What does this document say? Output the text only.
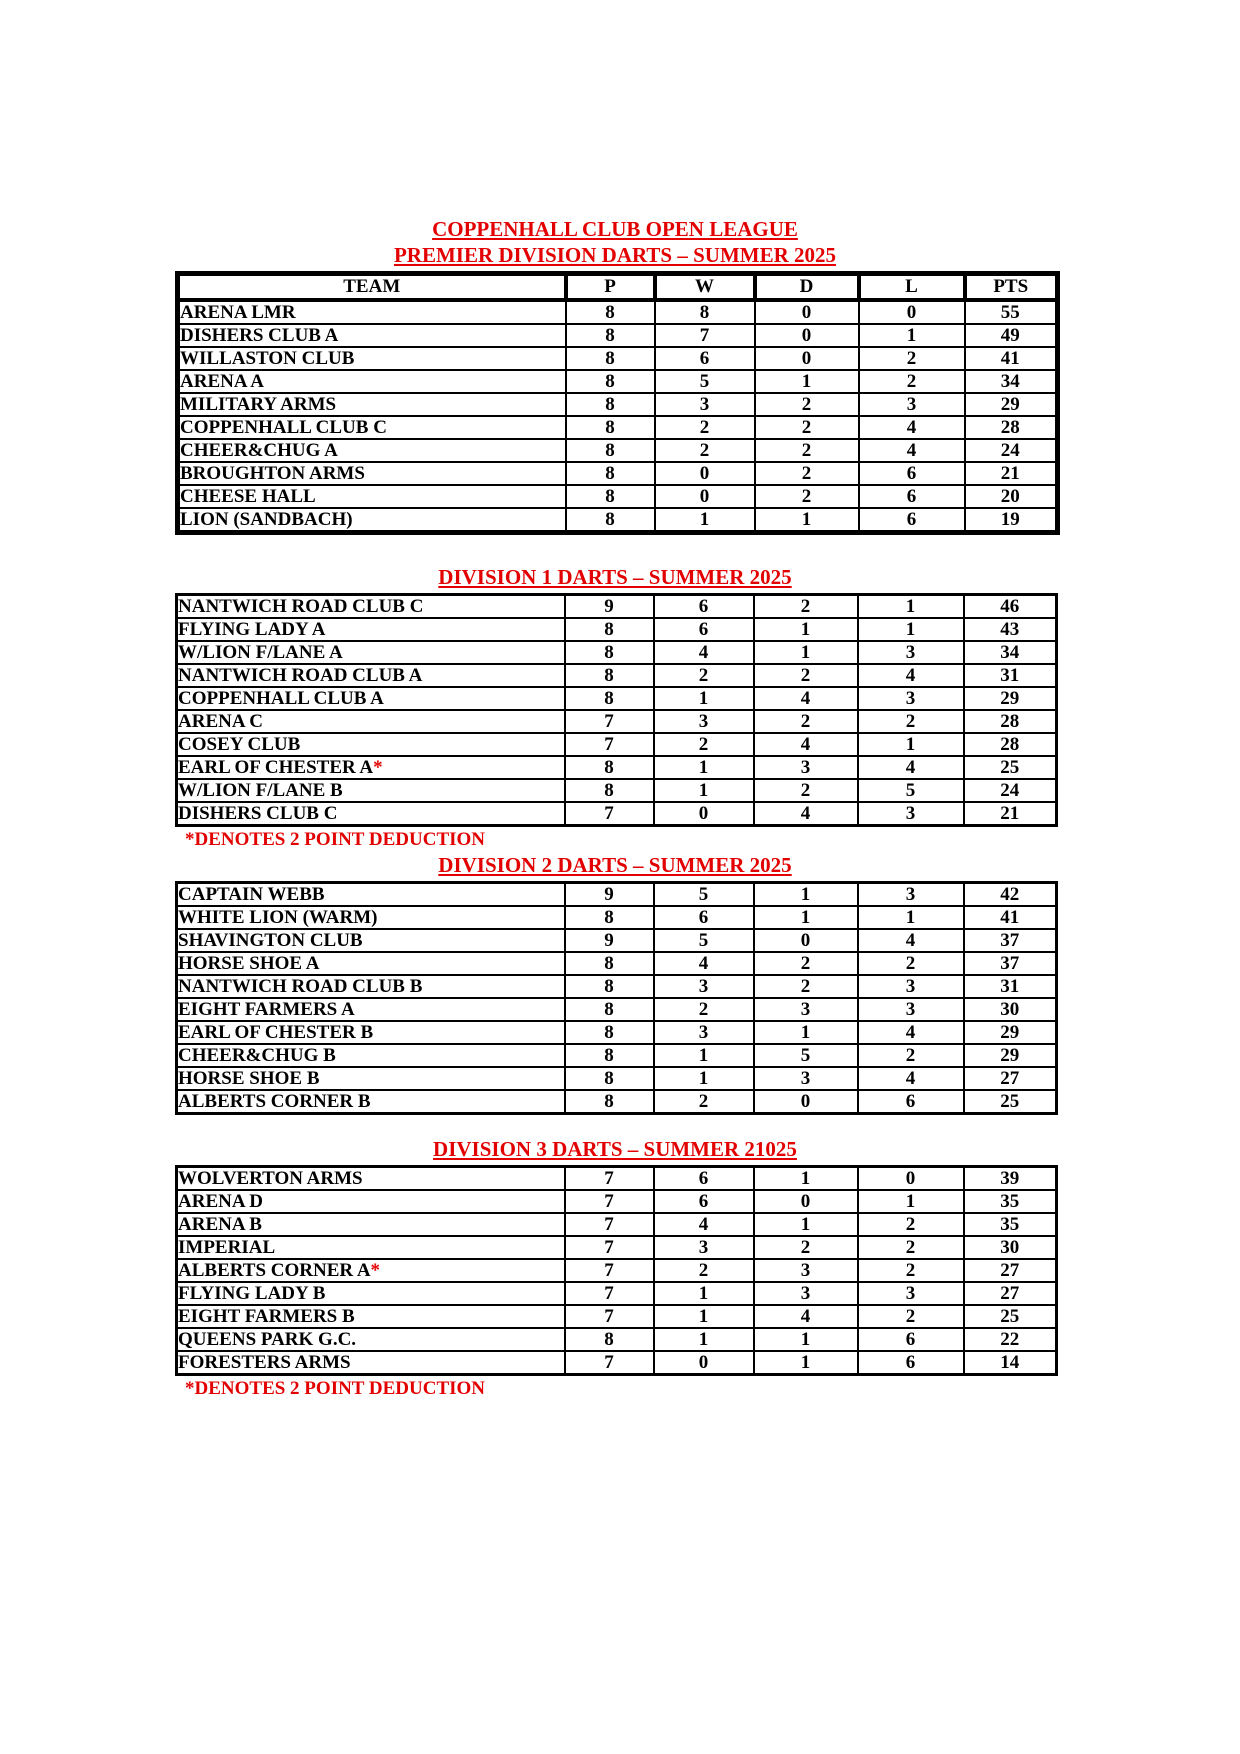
COPPENHALL CLUB OPEN LEAGUE
PREMIER DIVISION DARTS – SUMMER 2025
TEAM	P	W	D	L	PTS
ARENA LMR	8	8	0	0	55
DISHERS CLUB A	8	7	0	1	49
WILLASTON CLUB	8	6	0	2	41
ARENA A	8	5	1	2	34
MILITARY ARMS	8	3	2	3	29
COPPENHALL CLUB C	8	2	2	4	28
CHEER&CHUG A	8	2	2	4	24
BROUGHTON ARMS	8	0	2	6	21
CHEESE HALL	8	0	2	6	20
LION (SANDBACH)	8	1	1	6	19
DIVISION 1 DARTS – SUMMER 2025
NANTWICH ROAD CLUB C	9	6	2	1	46
FLYING LADY A	8	6	1	1	43
W/LION F/LANE A	8	4	1	3	34
NANTWICH ROAD CLUB A	8	2	2	4	31
COPPENHALL CLUB A	8	1	4	3	29
ARENA C	7	3	2	2	28
COSEY CLUB	7	2	4	1	28
EARL OF CHESTER A*	8	1	3	4	25
W/LION F/LANE B	8	1	2	5	24
DISHERS CLUB C	7	0	4	3	21
*DENOTES 2 POINT DEDUCTION
DIVISION 2 DARTS – SUMMER 2025
CAPTAIN WEBB	9	5	1	3	42
WHITE LION (WARM)	8	6	1	1	41
SHAVINGTON CLUB	9	5	0	4	37
HORSE SHOE A	8	4	2	2	37
NANTWICH ROAD CLUB B	8	3	2	3	31
EIGHT FARMERS A	8	2	3	3	30
EARL OF CHESTER B	8	3	1	4	29
CHEER&CHUG B	8	1	5	2	29
HORSE SHOE B	8	1	3	4	27
ALBERTS CORNER B	8	2	0	6	25
DIVISION 3 DARTS – SUMMER 21025
WOLVERTON ARMS	7	6	1	0	39
ARENA D	7	6	0	1	35
ARENA B	7	4	1	2	35
IMPERIAL	7	3	2	2	30
ALBERTS CORNER A*	7	2	3	2	27
FLYING LADY B	7	1	3	3	27
EIGHT FARMERS B	7	1	4	2	25
QUEENS PARK G.C.	8	1	1	6	22
FORESTERS ARMS	7	0	1	6	14
*DENOTES 2 POINT DEDUCTION
